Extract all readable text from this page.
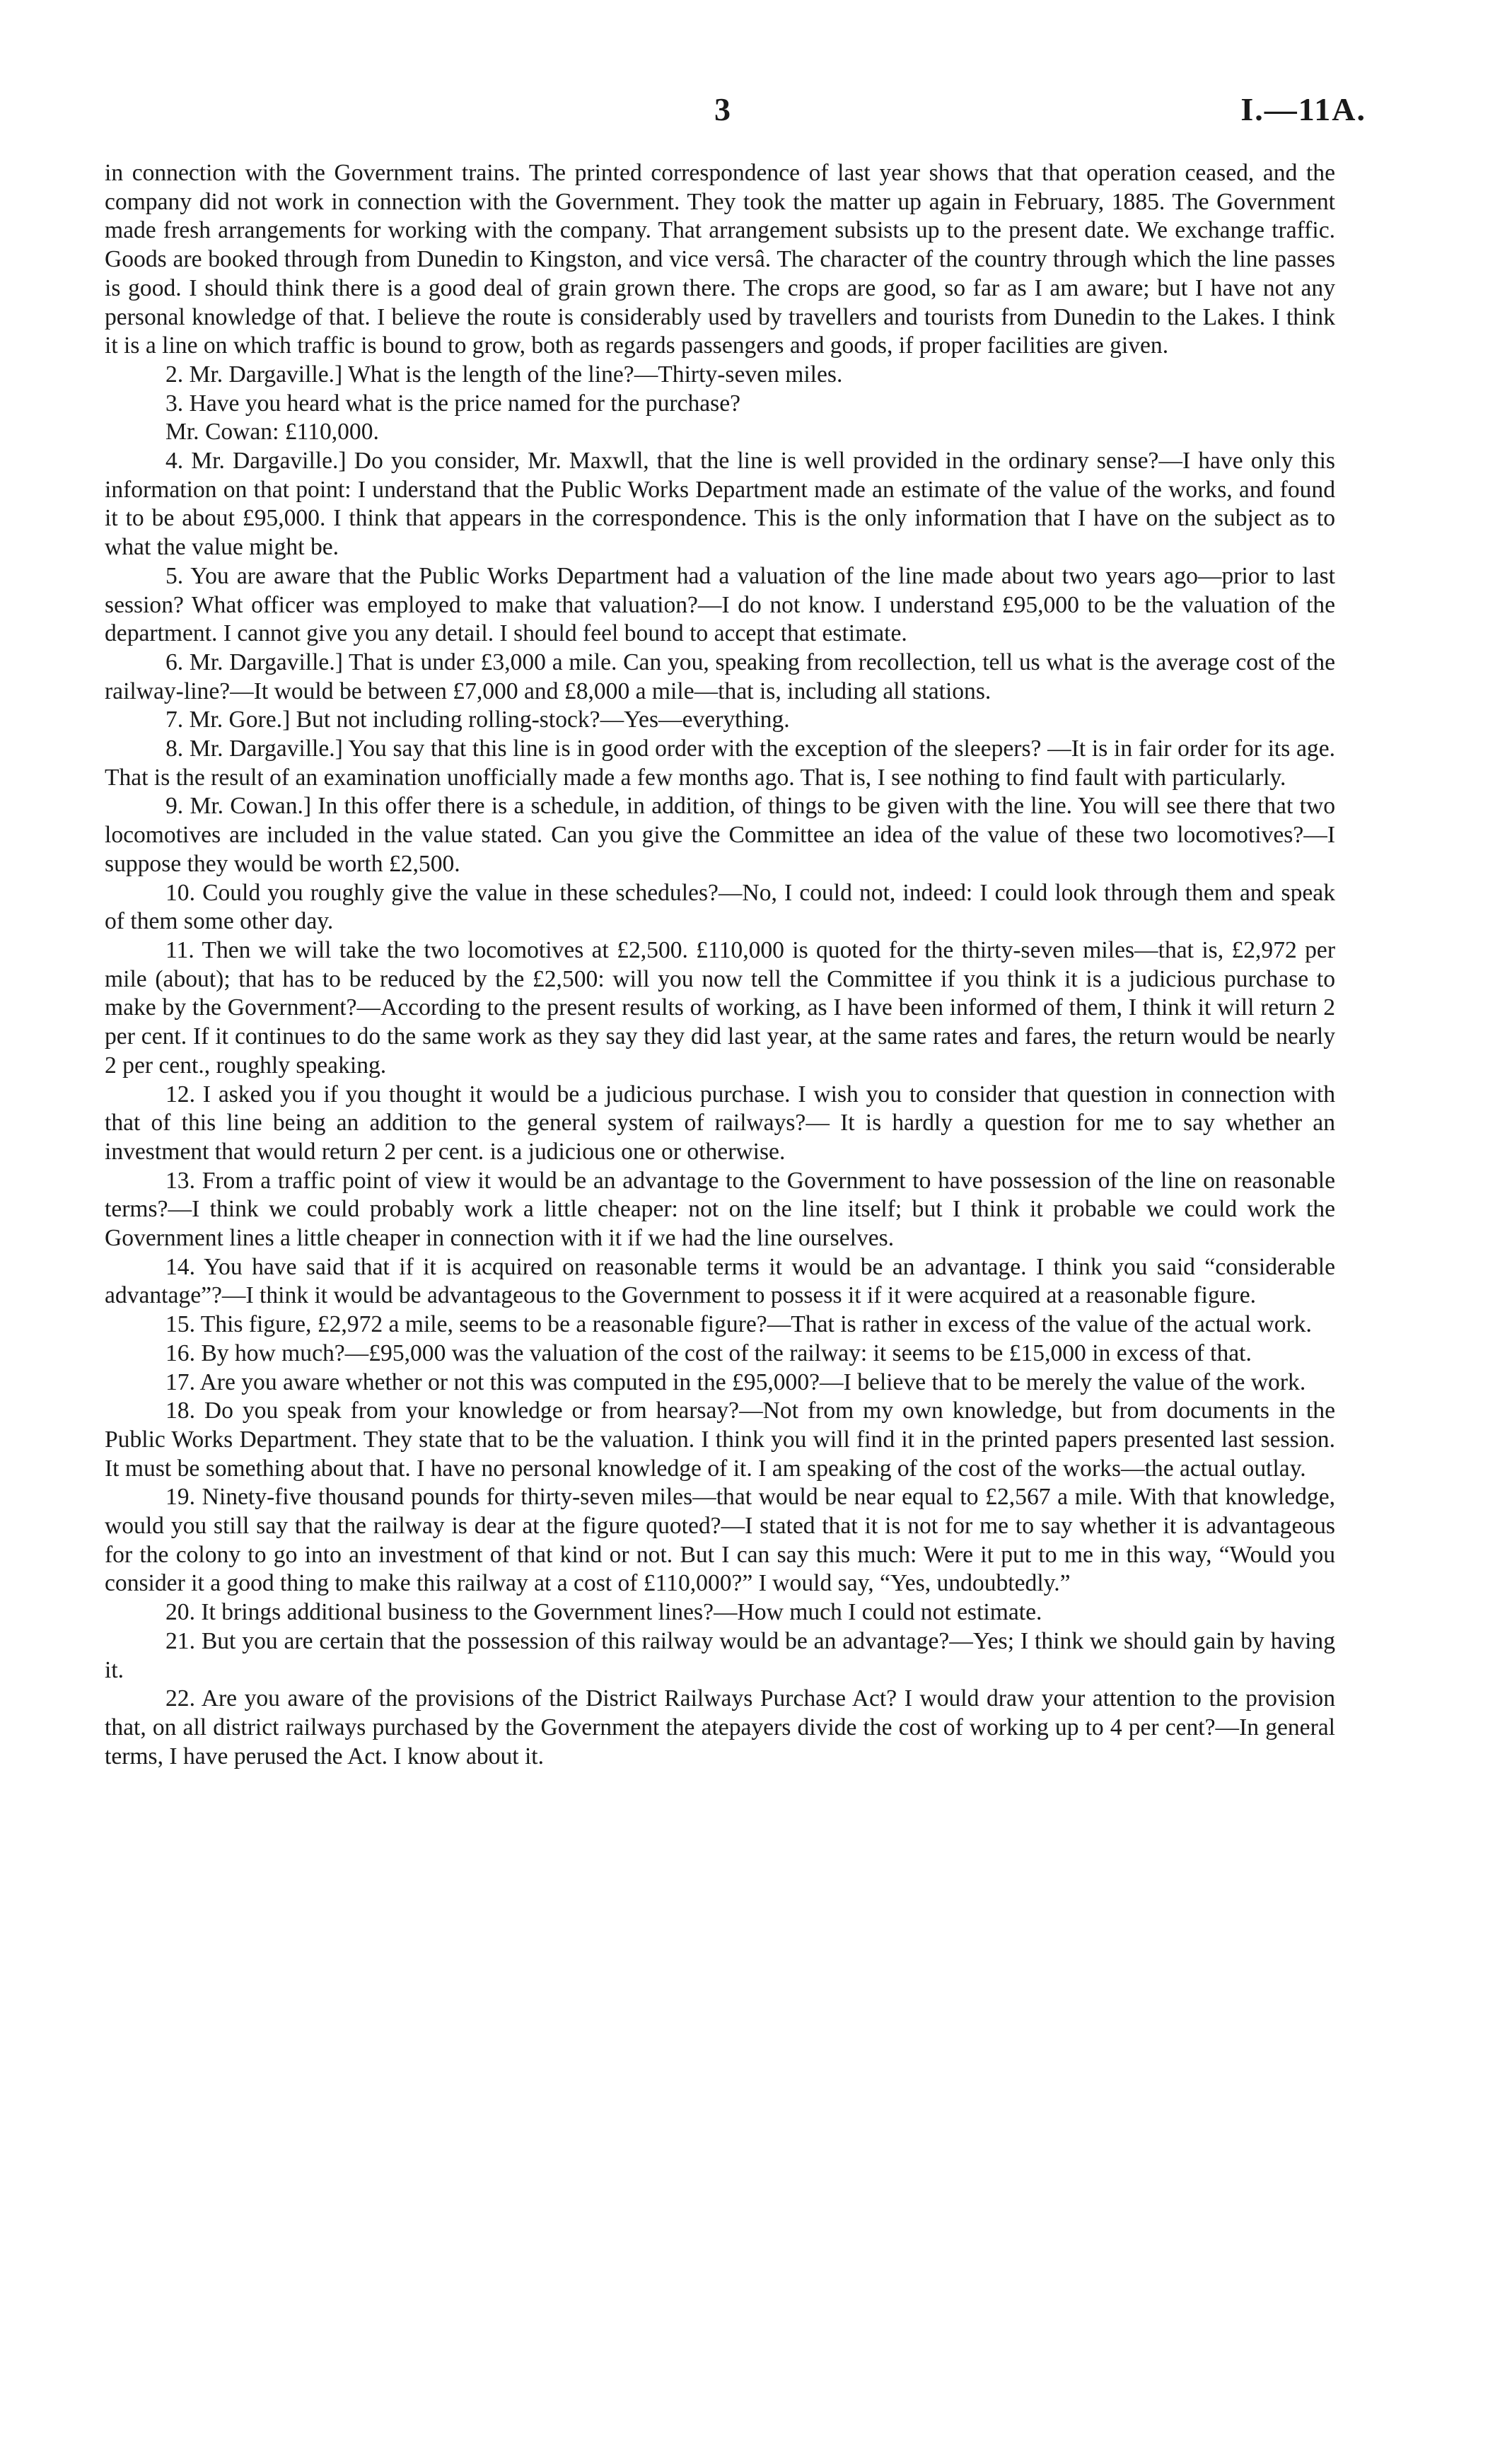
3	I.—11A.

in connection with the Government trains. The printed correspondence of last year shows that that operation ceased, and the company did not work in connection with the Government. They took the matter up again in February, 1885. The Government made fresh arrangements for working with the company. That arrangement subsists up to the present date. We exchange traffic. Goods are booked through from Dunedin to Kingston, and vice versâ. The character of the country through which the line passes is good. I should think there is a good deal of grain grown there. The crops are good, so far as I am aware; but I have not any personal knowledge of that. I believe the route is considerably used by travellers and tourists from Dunedin to the Lakes. I think it is a line on which traffic is bound to grow, both as regards passengers and goods, if proper facilities are given.

2. Mr. Dargaville.] What is the length of the line?—Thirty-seven miles.

3. Have you heard what is the price named for the purchase?

Mr. Cowan: £110,000.

4. Mr. Dargaville.] Do you consider, Mr. Maxwll, that the line is well provided in the ordinary sense?—I have only this information on that point: I understand that the Public Works Department made an estimate of the value of the works, and found it to be about £95,000. I think that appears in the correspondence. This is the only information that I have on the subject as to what the value might be.

5. You are aware that the Public Works Department had a valuation of the line made about two years ago—prior to last session? What officer was employed to make that valuation?—I do not know. I understand £95,000 to be the valuation of the department. I cannot give you any detail. I should feel bound to accept that estimate.

6. Mr. Dargaville.] That is under £3,000 a mile. Can you, speaking from recollection, tell us what is the average cost of the railway-line?—It would be between £7,000 and £8,000 a mile—that is, including all stations.

7. Mr. Gore.] But not including rolling-stock?—Yes—everything.

8. Mr. Dargaville.] You say that this line is in good order with the exception of the sleepers? —It is in fair order for its age. That is the result of an examination unofficially made a few months ago. That is, I see nothing to find fault with particularly.

9. Mr. Cowan.] In this offer there is a schedule, in addition, of things to be given with the line. You will see there that two locomotives are included in the value stated. Can you give the Committee an idea of the value of these two locomotives?—I suppose they would be worth £2,500.

10. Could you roughly give the value in these schedules?—No, I could not, indeed: I could look through them and speak of them some other day.

11. Then we will take the two locomotives at £2,500. £110,000 is quoted for the thirty-seven miles—that is, £2,972 per mile (about); that has to be reduced by the £2,500: will you now tell the Committee if you think it is a judicious purchase to make by the Government?—According to the present results of working, as I have been informed of them, I think it will return 2 per cent. If it continues to do the same work as they say they did last year, at the same rates and fares, the return would be nearly 2 per cent., roughly speaking.

12. I asked you if you thought it would be a judicious purchase. I wish you to consider that question in connection with that of this line being an addition to the general system of railways?— It is hardly a question for me to say whether an investment that would return 2 per cent. is a judicious one or otherwise.

13. From a traffic point of view it would be an advantage to the Government to have possession of the line on reasonable terms?—I think we could probably work a little cheaper: not on the line itself; but I think it probable we could work the Government lines a little cheaper in connection with it if we had the line ourselves.

14. You have said that if it is acquired on reasonable terms it would be an advantage. I think you said “considerable advantage”?—I think it would be advantageous to the Government to possess it if it were acquired at a reasonable figure.

15. This figure, £2,972 a mile, seems to be a reasonable figure?—That is rather in excess of the value of the actual work.

16. By how much?—£95,000 was the valuation of the cost of the railway: it seems to be £15,000 in excess of that.

17. Are you aware whether or not this was computed in the £95,000?—I believe that to be merely the value of the work.

18. Do you speak from your knowledge or from hearsay?—Not from my own knowledge, but from documents in the Public Works Department. They state that to be the valuation. I think you will find it in the printed papers presented last session. It must be something about that. I have no personal knowledge of it. I am speaking of the cost of the works—the actual outlay.

19. Ninety-five thousand pounds for thirty-seven miles—that would be near equal to £2,567 a mile. With that knowledge, would you still say that the railway is dear at the figure quoted?—I stated that it is not for me to say whether it is advantageous for the colony to go into an investment of that kind or not. But I can say this much: Were it put to me in this way, “Would you consider it a good thing to make this railway at a cost of £110,000?” I would say, “Yes, undoubtedly.”

20. It brings additional business to the Government lines?—How much I could not estimate.

21. But you are certain that the possession of this railway would be an advantage?—Yes; I think we should gain by having it.

22. Are you aware of the provisions of the District Railways Purchase Act? I would draw your attention to the provision that, on all district railways purchased by the Government the atepayers divide the cost of working up to 4 per cent?—In general terms, I have perused the Act. I know about it.
